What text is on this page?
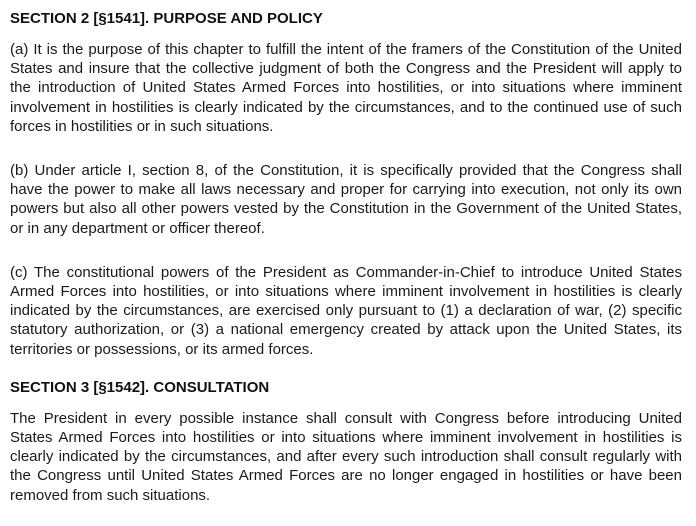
SECTION 2 [§1541]. PURPOSE AND POLICY

(a) It is the purpose of this chapter to fulfill the intent of the framers of the Constitution of the United States and insure that the collective judgment of both the Congress and the President will apply to the introduction of United States Armed Forces into hostilities, or into situations where imminent involvement in hostilities is clearly indicated by the circumstances, and to the continued use of such forces in hostilities or in such situations.

(b) Under article I, section 8, of the Constitution, it is specifically provided that the Congress shall have the power to make all laws necessary and proper for carrying into execution, not only its own powers but also all other powers vested by the Constitution in the Government of the United States, or in any department or officer thereof.

(c) The constitutional powers of the President as Commander-in-Chief to introduce United States Armed Forces into hostilities, or into situations where imminent involvement in hostilities is clearly indicated by the circumstances, are exercised only pursuant to (1) a declaration of war, (2) specific statutory authorization, or (3) a national emergency created by attack upon the United States, its territories or possessions, or its armed forces.

SECTION 3 [§1542]. CONSULTATION

The President in every possible instance shall consult with Congress before introducing United States Armed Forces into hostilities or into situations where imminent involvement in hostilities is clearly indicated by the circumstances, and after every such introduction shall consult regularly with the Congress until United States Armed Forces are no longer engaged in hostilities or have been removed from such situations.
